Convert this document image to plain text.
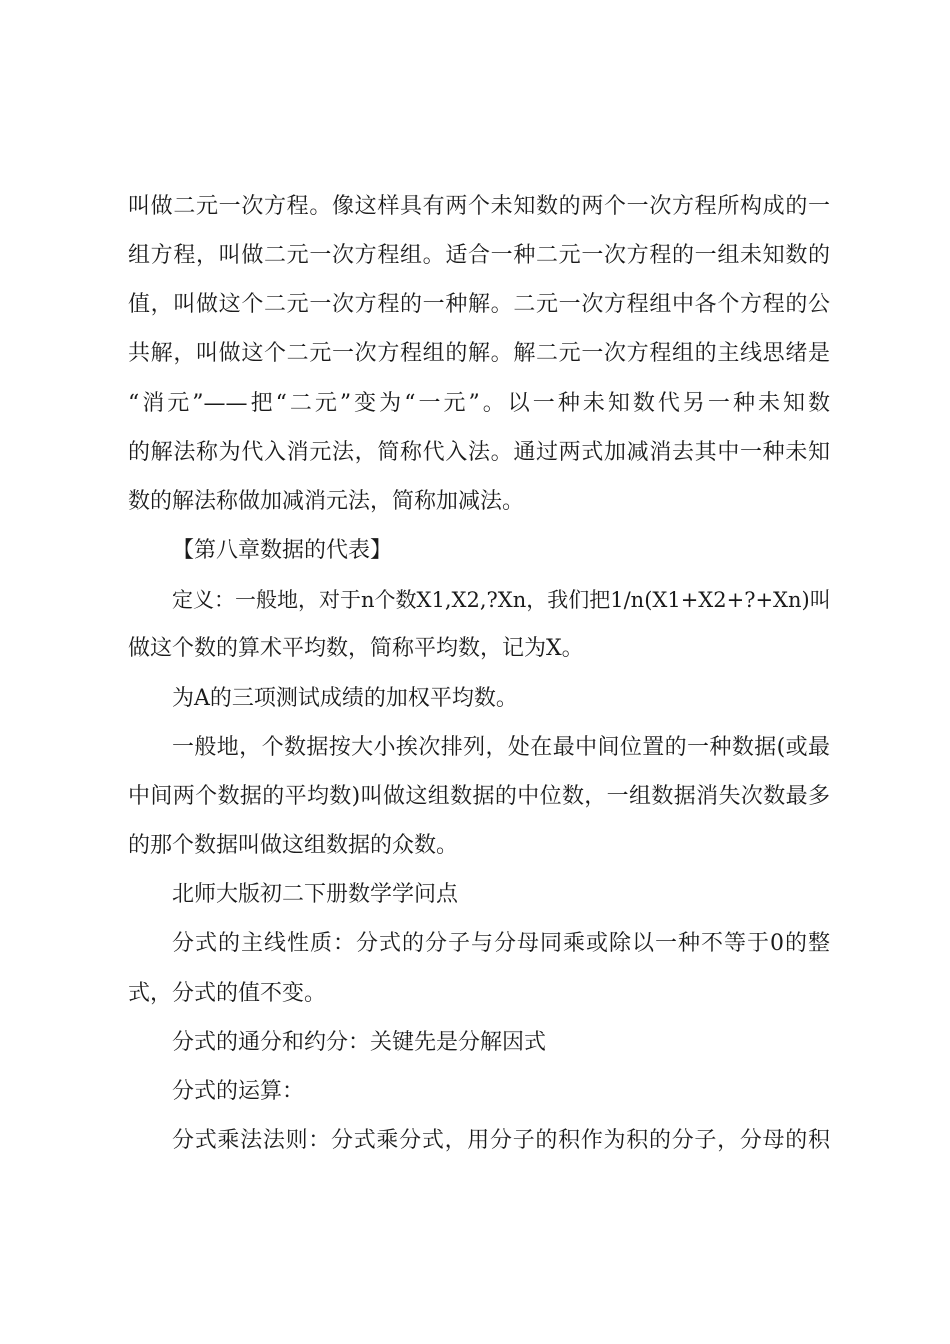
叫做二元一次方程。像这样具有两个未知数的两个一次方程所构成的一
组方程，叫做二元一次方程组。适合一种二元一次方程的一组未知数的
值，叫做这个二元一次方程的一种解。二元一次方程组中各个方程的公
共解，叫做这个二元一次方程组的解。解二元一次方程组的主线思绪是
“消元”——把“二元”变为“一元”。以一种未知数代另一种未知数
的解法称为代入消元法，简称代入法。通过两式加减消去其中一种未知
数的解法称做加减消元法，简称加减法。
【第八章数据的代表】
定义：一般地，对于n个数X1,X2,?Xn，我们把1/n(X1+X2+?+Xn)叫
做这个数的算术平均数，简称平均数，记为X。
为A的三项测试成绩的加权平均数。
一般地，个数据按大小挨次排列，处在最中间位置的一种数据(或最
中间两个数据的平均数)叫做这组数据的中位数，一组数据消失次数最多
的那个数据叫做这组数据的众数。
北师大版初二下册数学学问点
分式的主线性质：分式的分子与分母同乘或除以一种不等于0的整
式，分式的值不变。
分式的通分和约分：关键先是分解因式
分式的运算：
分式乘法法则：分式乘分式，用分子的积作为积的分子，分母的积
